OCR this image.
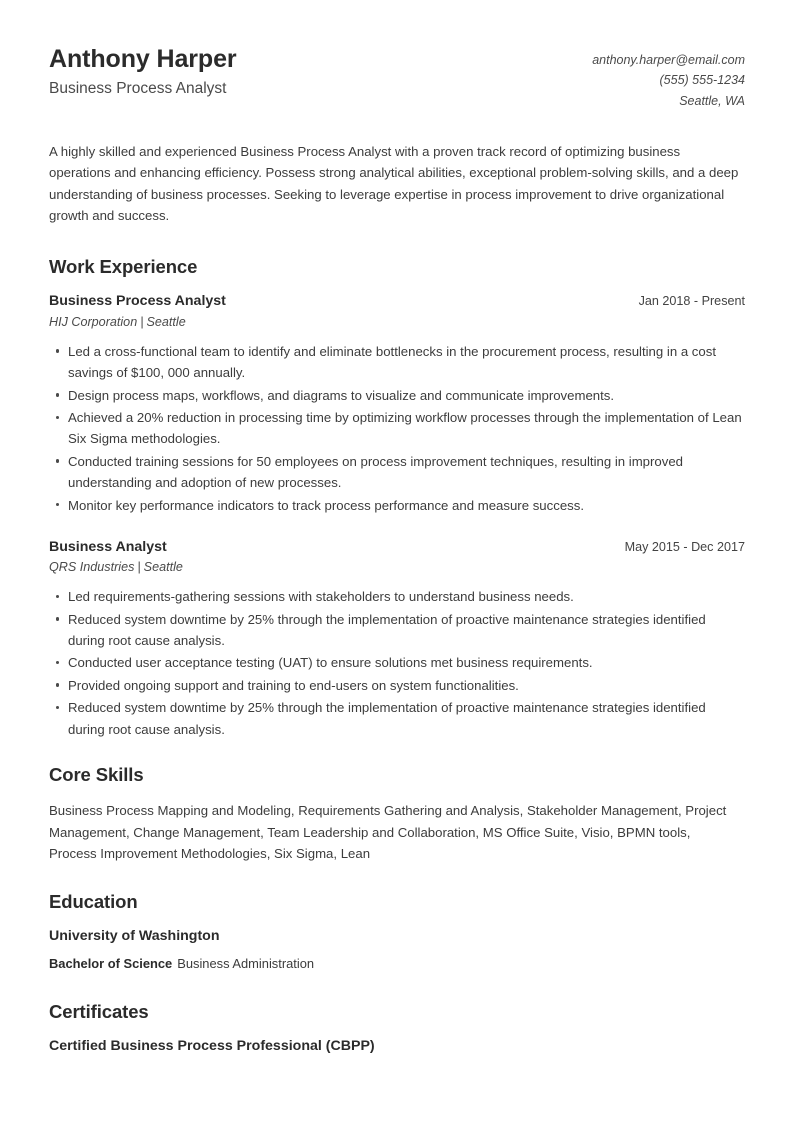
Anthony Harper

Business Process Analyst

anthony.harper@email.com
(555) 555-1234
Seattle, WA

A highly skilled and experienced Business Process Analyst with a proven track record of optimizing business operations and enhancing efficiency. Possess strong analytical abilities, exceptional problem-solving skills, and a deep understanding of business processes. Seeking to leverage expertise in process improvement to drive organizational growth and success.

Work Experience
Business Process Analyst	Jan 2018 - Present
HIJ Corporation | Seattle
Led a cross-functional team to identify and eliminate bottlenecks in the procurement process, resulting in a cost savings of $100, 000 annually.
Design process maps, workflows, and diagrams to visualize and communicate improvements.
Achieved a 20% reduction in processing time by optimizing workflow processes through the implementation of Lean Six Sigma methodologies.
Conducted training sessions for 50 employees on process improvement techniques, resulting in improved understanding and adoption of new processes.
Monitor key performance indicators to track process performance and measure success.
Business Analyst	May 2015 - Dec 2017
QRS Industries | Seattle
Led requirements-gathering sessions with stakeholders to understand business needs.
Reduced system downtime by 25% through the implementation of proactive maintenance strategies identified during root cause analysis.
Conducted user acceptance testing (UAT) to ensure solutions met business requirements.
Provided ongoing support and training to end-users on system functionalities.
Reduced system downtime by 25% through the implementation of proactive maintenance strategies identified during root cause analysis.
Core Skills

Business Process Mapping and Modeling, Requirements Gathering and Analysis, Stakeholder Management, Project Management, Change Management, Team Leadership and Collaboration, MS Office Suite, Visio, BPMN tools, Process Improvement Methodologies, Six Sigma, Lean

Education
University of Washington
Bachelor of Science Business Administration
Certificates
Certified Business Process Professional (CBPP)
